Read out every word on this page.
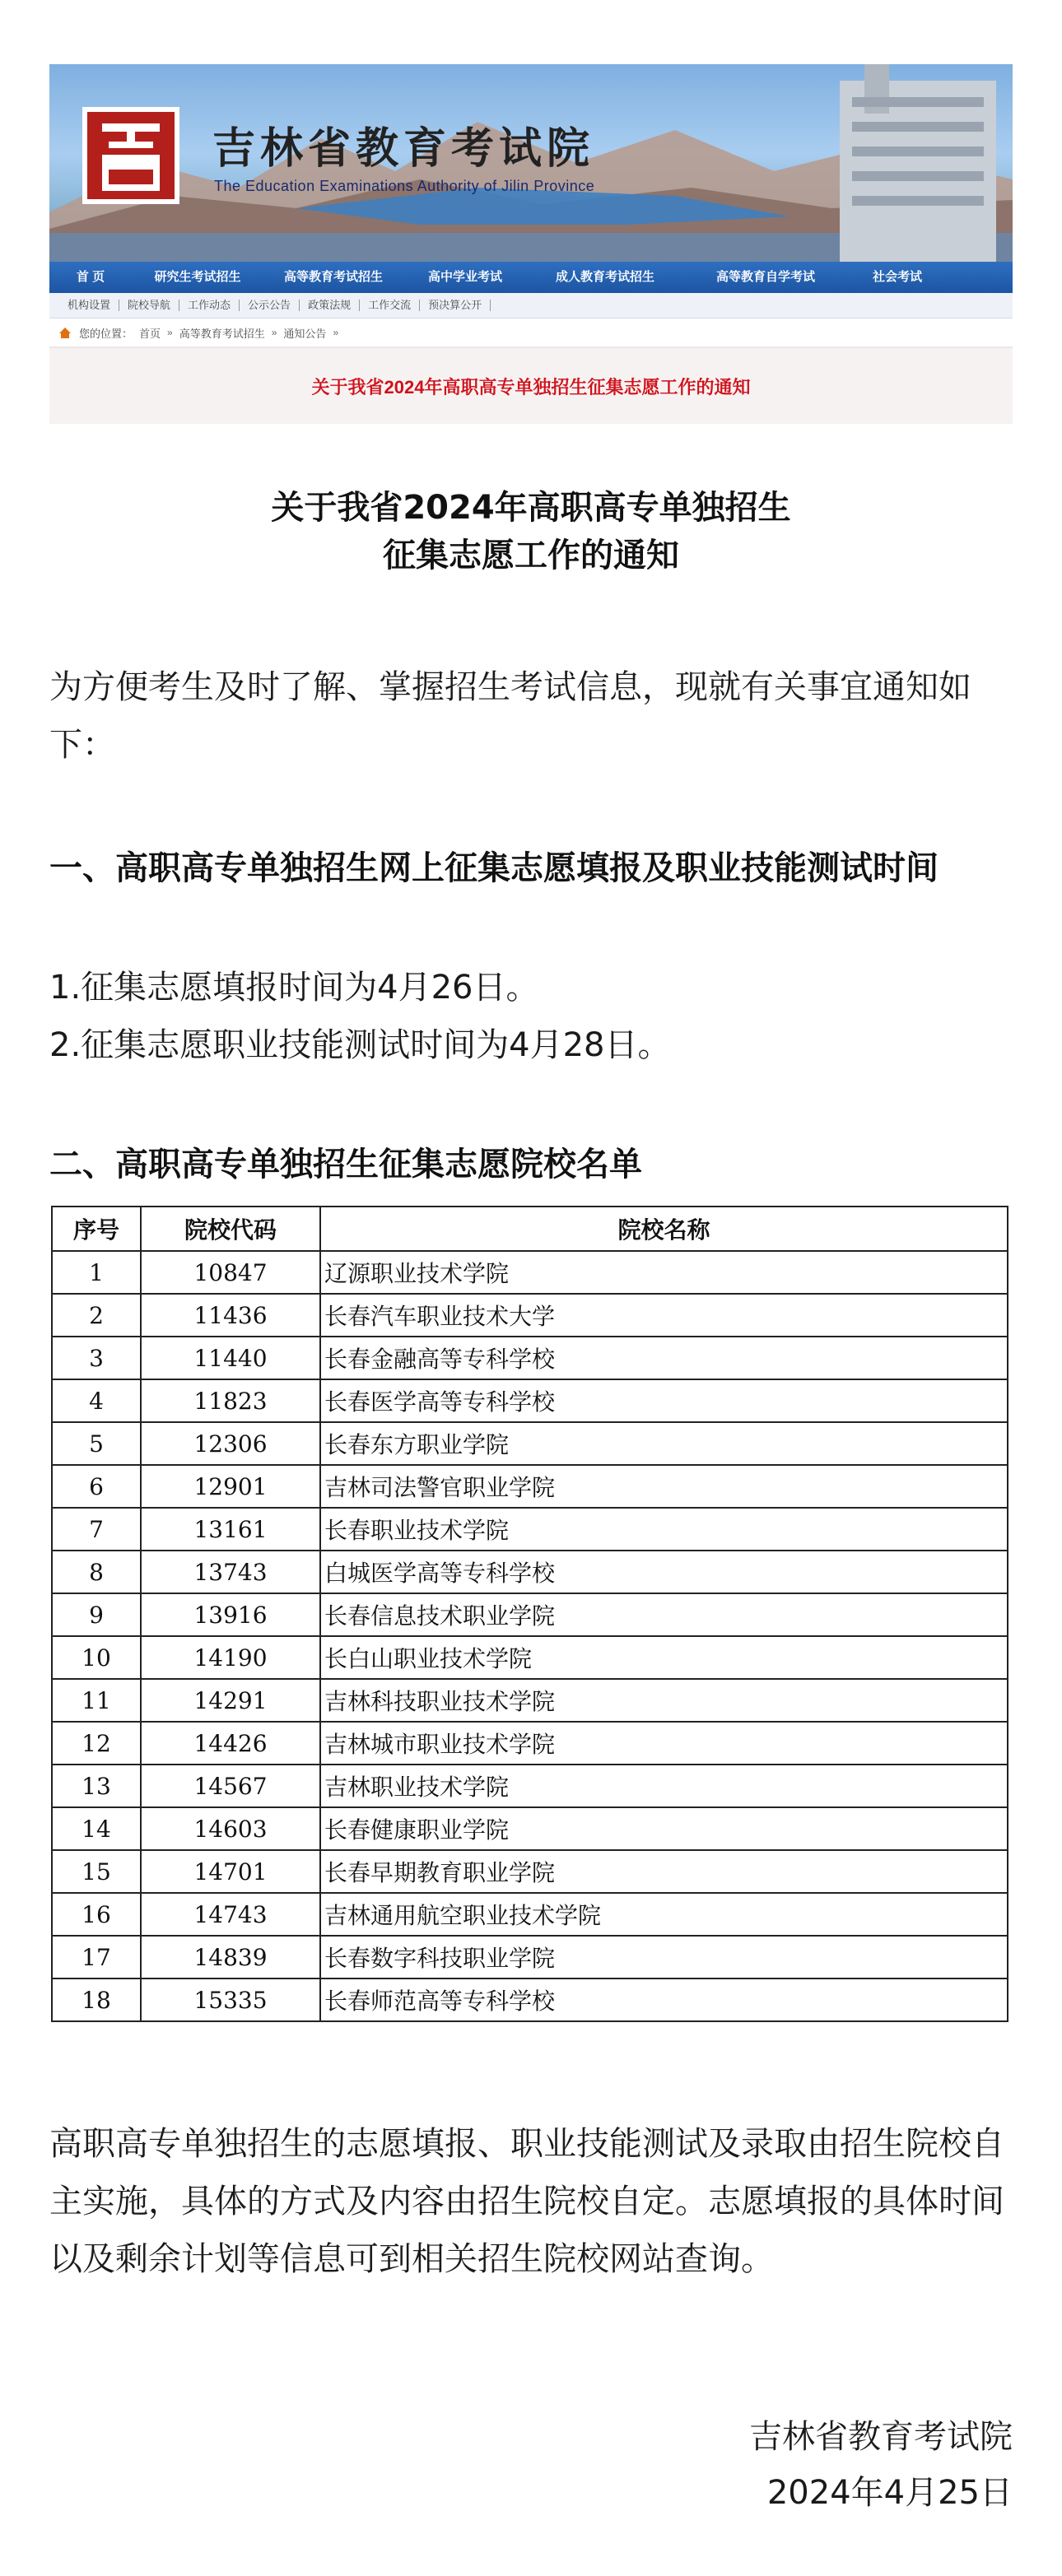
吉林省教育考试院
The Education Examinations Authority of Jilin Province
首 页	研究生考试招生	高等教育考试招生	高中学业考试	成人教育考试招生	高等教育自学考试	社会考试
机构设置	院校导航	工作动态	公示公告	政策法规	工作交流	预决算公开
您的位置： 首页 » 高等教育考试招生 » 通知公告 »
关于我省2024年高职高专单独招生征集志愿工作的通知
关于我省2024年高职高专单独招生
征集志愿工作的通知
为方便考生及时了解、掌握招生考试信息，现就有关事宜通知如下：
一、高职高专单独招生网上征集志愿填报及职业技能测试时间
1.征集志愿填报时间为4月26日。
2.征集志愿职业技能测试时间为4月28日。
二、高职高专单独招生征集志愿院校名单
序号	院校代码	院校名称
1	10847	辽源职业技术学院
2	11436	长春汽车职业技术大学
3	11440	长春金融高等专科学校
4	11823	长春医学高等专科学校
5	12306	长春东方职业学院
6	12901	吉林司法警官职业学院
7	13161	长春职业技术学院
8	13743	白城医学高等专科学校
9	13916	长春信息技术职业学院
10	14190	长白山职业技术学院
11	14291	吉林科技职业技术学院
12	14426	吉林城市职业技术学院
13	14567	吉林职业技术学院
14	14603	长春健康职业学院
15	14701	长春早期教育职业学院
16	14743	吉林通用航空职业技术学院
17	14839	长春数字科技职业学院
18	15335	长春师范高等专科学校
高职高专单独招生的志愿填报、职业技能测试及录取由招生院校自主实施，具体的方式及内容由招生院校自定。志愿填报的具体时间以及剩余计划等信息可到相关招生院校网站查询。
吉林省教育考试院
2024年4月25日
